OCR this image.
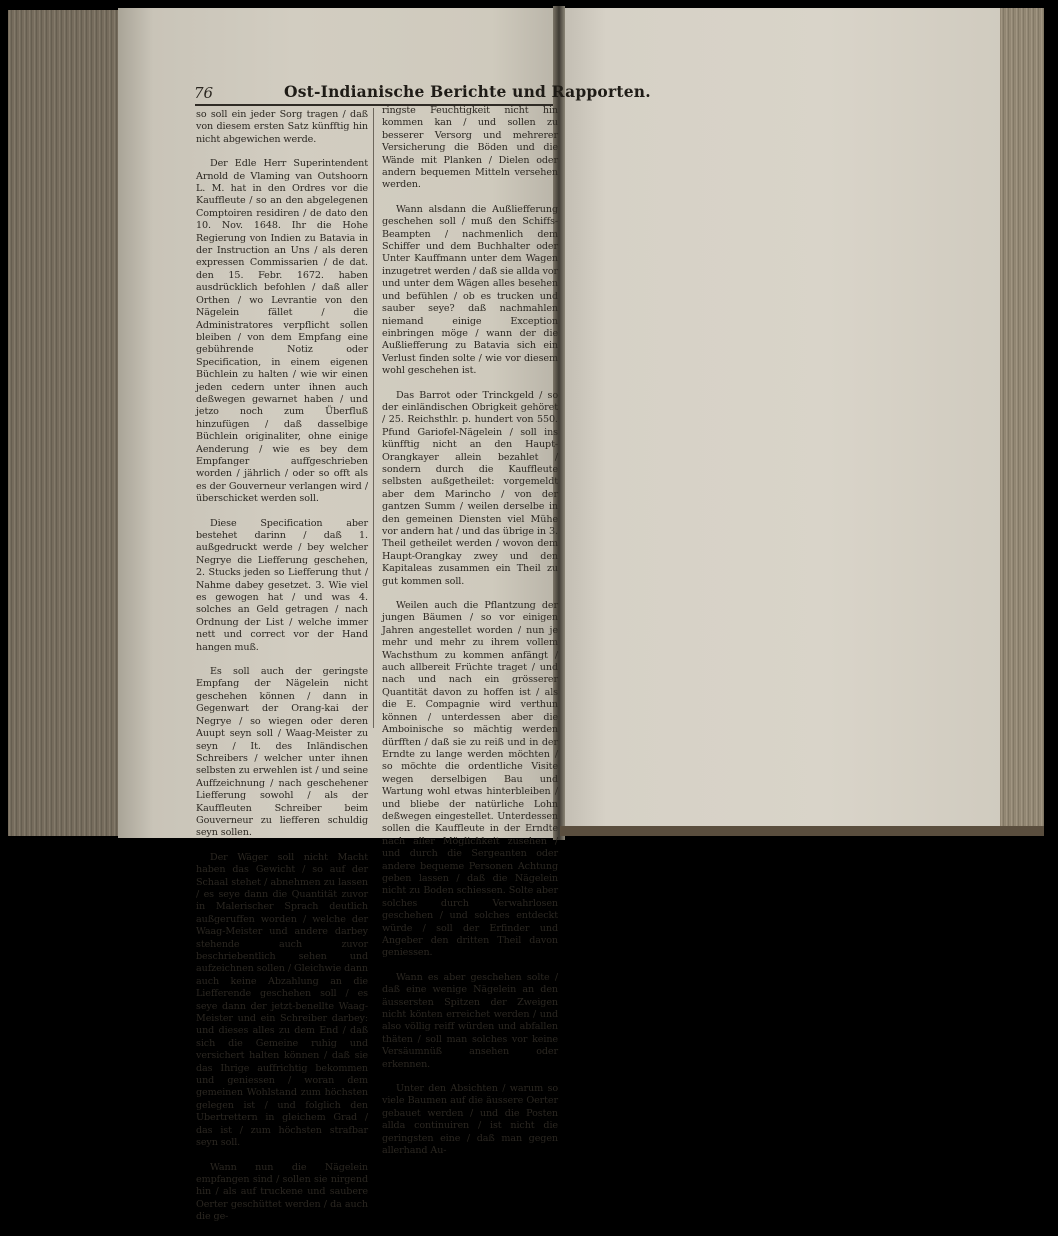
76	Ost-Indianische Berichte und Rapporten.

so soll ein jeder Sorg tragen / daß von diesem ersten Satz künfftig hin nicht abgewichen werde.

Der Edle Herr Superintendent Arnold de Vlaming van Outshoorn L. M. hat in den Ordres vor die Kauffleute / so an den abgelegenen Comptoiren residiren / de dato den 10. Nov. 1648. Ihr die Hohe Regierung von Indien zu Batavia in der Instruction an Uns / als deren expressen Commissarien / de dat. den 15. Febr. 1672. haben ausdrücklich befohlen / daß aller Orthen / wo Levrantie von den Nägelein fället / die Administratores verpflicht sollen bleiben / von dem Empfang eine gebührende Notiz oder Specification, in einem eigenen Büchlein zu halten / wie wir einen jeden cedern unter ihnen auch deßwegen gewarnet haben / und jetzo noch zum Überfluß hinzufügen / daß dasselbige Büchlein originaliter, ohne einige Aenderung / wie es bey dem Empfanger auffgeschrieben worden / jährlich / oder so offt als es der Gouverneur verlangen wird / überschicket werden soll.

Diese Specification aber bestehet darinn / daß 1. außgedruckt werde / bey welcher Negrye die Liefferung geschehen, 2. Stucks jeden so Liefferung thut / Nahme dabey gesetzet. 3. Wie viel es gewogen hat / und was 4. solches an Geld getragen / nach Ordnung der List / welche immer nett und correct vor der Hand hangen muß.

Es soll auch der geringste Empfang der Nägelein nicht geschehen können / dann in Gegenwart der Orang-kai der Negrye / so wiegen oder deren Auupt seyn soll / Waag-Meister zu seyn / It. des Inländischen Schreibers / welcher unter ihnen selbsten zu erwehlen ist / und seine Auffzeichnung / nach geschehener Liefferung sowohl / als der Kauffleuten Schreiber beim Gouverneur zu liefferen schuldig seyn sollen.

Der Wäger soll nicht Macht haben das Gewicht / so auf der Schaal stehet / abnehmen zu lassen / es seye dann die Quantität zuvor in Malerischer Sprach deutlich außgeruffen worden / welche der Waag-Meister und andere darbey stehende auch zuvor beschriebentlich sehen und aufzeichnen sollen / Gleichwie dann auch keine Abzahlung an die Liefferende geschehen soll / es seye dann der jetzt-benellte Waag-Meister und ein Schreiber darbey: und dieses alles zu dem End / daß sich die Gemeine ruhig und versichert halten können / daß sie das Ihrige auffrichtig bekommen und geniessen / woran dem gemeinen Wohlstand zum höchsten gelegen ist / und folglich den Ubertrettern in gleichem Grad / das ist / zum höchsten strafbar seyn soll.

Wann nun die Nägelein empfangen sind / sollen sie nirgend hin / als auf truckene und saubere Oerter geschüttet werden / da auch die ge-

ringste Feuchtigkeit nicht hin kommen kan / und sollen zu besserer Versorg und mehrerer Versicherung die Böden und die Wände mit Planken / Dielen oder andern bequemen Mitteln versehen werden.

Wann alsdann die Außliefferung geschehen soll / muß den Schiffs-Beampten / nachmenlich dem Schiffer und dem Buchhalter oder Unter Kauffmann unter dem Wagen inzugetret werden / daß sie allda vor und unter dem Wägen alles besehen und befühlen / ob es trucken und sauber seye? daß nachmahlen niemand einige Exception einbringen möge / wann der die Außliefferung zu Batavia sich ein Verlust finden solte / wie vor diesem wohl geschehen ist.

Das Barrot oder Trinckgeld / so der einländischen Obrigkeit gehöret / 25. Reichsthlr. p. hundert von 550. Pfund Gariofel-Nägelein / soll ins künfftig nicht an den Haupt-Orangkayer allein bezahlet / sondern durch die Kauffleute selbsten außgetheilet: vorgemeldt aber dem Marincho / von der gantzen Summ / weilen derselbe in den gemeinen Diensten viel Mühe vor andern hat / und das übrige in 3. Theil getheilet werden / wovon dem Haupt-Orangkay zwey und den Kapitaleas zusammen ein Theil zu gut kommen soll.

Weilen auch die Pflantzung der jungen Bäumen / so vor einigen Jahren angestellet worden / nun je mehr und mehr zu ihrem vollem Wachsthum zu kommen anfängt / auch allbereit Früchte traget / und nach und nach ein grösserer Quantität davon zu hoffen ist / als die E. Compagnie wird verthun können / unterdessen aber die Amboinische so mächtig werden dürfften / daß sie zu reiß und in der Erndte zu lange werden möchten / so möchte die ordentliche Visite wegen derselbigen Bau und Wartung wohl etwas hinterbleiben / und bliebe der natürliche Lohn deßwegen eingestellet. Unterdessen sollen die Kauffleute in der Erndte nach aller Möglichkeit zusehen / und durch die Sergeanten oder andere bequeme Personen Achtung geben lassen / daß die Nägelein nicht zu Boden schiessen. Solte aber solches durch Verwahrlosen geschehen / und solches entdeckt würde / soll der Erfinder und Angeber den dritten Theil davon geniessen.

Wann es aber geschehen solte / daß eine wenige Nägelein an den äussersten Spitzen der Zweigen nicht könten erreichet werden / und also völlig reiff würden und abfallen thäten / soll man solches vor keine Versäumnüß ansehen oder erkennen.

Unter den Absichten / warum so viele Baumen auf die äussere Oerter gebauet werden / und die Posten allda continuiren / ist nicht die geringsten eine / daß man gegen allerhand Au-
